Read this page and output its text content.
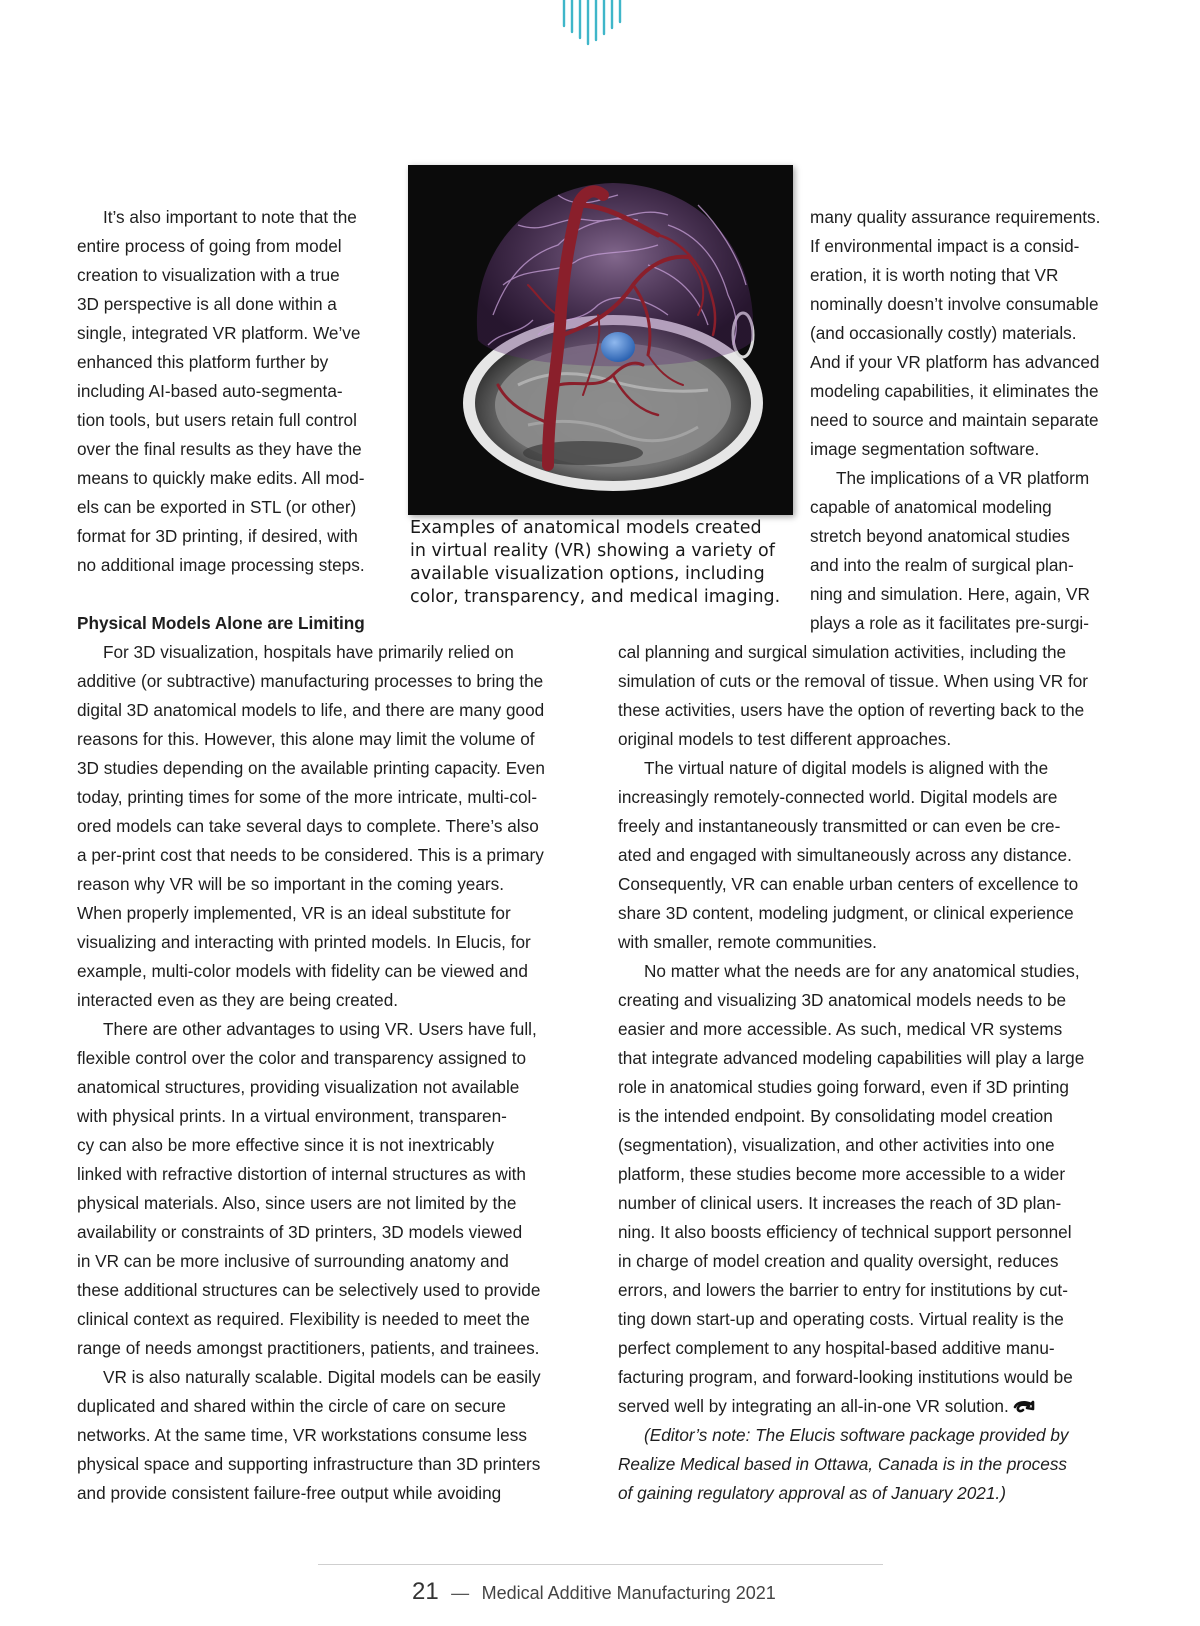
It’s also important to note that the
entire process of going from model
creation to visualization with a true
3D perspective is all done within a
single, integrated VR platform. We’ve
enhanced this platform further by
including AI-based auto-segmenta-
tion tools, but users retain full control
over the final results as they have the
means to quickly make edits. All mod-
els can be exported in STL (or other)
format for 3D printing, if desired, with
no additional image processing steps.
Physical Models Alone are Limiting
For 3D visualization, hospitals have primarily relied on
additive (or subtractive) manufacturing processes to bring the
digital 3D anatomical models to life, and there are many good
reasons for this. However, this alone may limit the volume of
3D studies depending on the available printing capacity. Even
today, printing times for some of the more intricate, multi-col-
ored models can take several days to complete. There’s also
a per-print cost that needs to be considered. This is a primary
reason why VR will be so important in the coming years.
When properly implemented, VR is an ideal substitute for
visualizing and interacting with printed models. In Elucis, for
example, multi-color models with fidelity can be viewed and
interacted even as they are being created.
There are other advantages to using VR. Users have full,
flexible control over the color and transparency assigned to
anatomical structures, providing visualization not available
with physical prints. In a virtual environment, transparen-
cy can also be more effective since it is not inextricably
linked with refractive distortion of internal structures as with
physical materials. Also, since users are not limited by the
availability or constraints of 3D printers, 3D models viewed
in VR can be more inclusive of surrounding anatomy and
these additional structures can be selectively used to provide
clinical context as required. Flexibility is needed to meet the
range of needs amongst practitioners, patients, and trainees.
VR is also naturally scalable. Digital models can be easily
duplicated and shared within the circle of care on secure
networks. At the same time, VR workstations consume less
physical space and supporting infrastructure than 3D printers
and provide consistent failure-free output while avoiding
Examples of anatomical models created
in virtual reality (VR) showing a variety of
available visualization options, including
color, transparency, and medical imaging.
many quality assurance requirements.
If environmental impact is a consid-
eration, it is worth noting that VR
nominally doesn’t involve consumable
(and occasionally costly) materials.
And if your VR platform has advanced
modeling capabilities, it eliminates the
need to source and maintain separate
image segmentation software.
The implications of a VR platform
capable of anatomical modeling
stretch beyond anatomical studies
and into the realm of surgical plan-
ning and simulation. Here, again, VR
plays a role as it facilitates pre-surgi-
cal planning and surgical simulation activities, including the
simulation of cuts or the removal of tissue. When using VR for
these activities, users have the option of reverting back to the
original models to test different approaches.
The virtual nature of digital models is aligned with the
increasingly remotely-connected world. Digital models are
freely and instantaneously transmitted or can even be cre-
ated and engaged with simultaneously across any distance.
Consequently, VR can enable urban centers of excellence to
share 3D content, modeling judgment, or clinical experience
with smaller, remote communities.
No matter what the needs are for any anatomical studies,
creating and visualizing 3D anatomical models needs to be
easier and more accessible. As such, medical VR systems
that integrate advanced modeling capabilities will play a large
role in anatomical studies going forward, even if 3D printing
is the intended endpoint. By consolidating model creation
(segmentation), visualization, and other activities into one
platform, these studies become more accessible to a wider
number of clinical users. It increases the reach of 3D plan-
ning. It also boosts efficiency of technical support personnel
in charge of model creation and quality oversight, reduces
errors, and lowers the barrier to entry for institutions by cut-
ting down start-up and operating costs. Virtual reality is the
perfect complement to any hospital-based additive manu-
facturing program, and forward-looking institutions would be
served well by integrating an all-in-one VR solution.
(Editor’s note: The Elucis software package provided by
Realize Medical based in Ottawa, Canada is in the process
of gaining regulatory approval as of January 2021.)
21 — Medical Additive Manufacturing 2021
